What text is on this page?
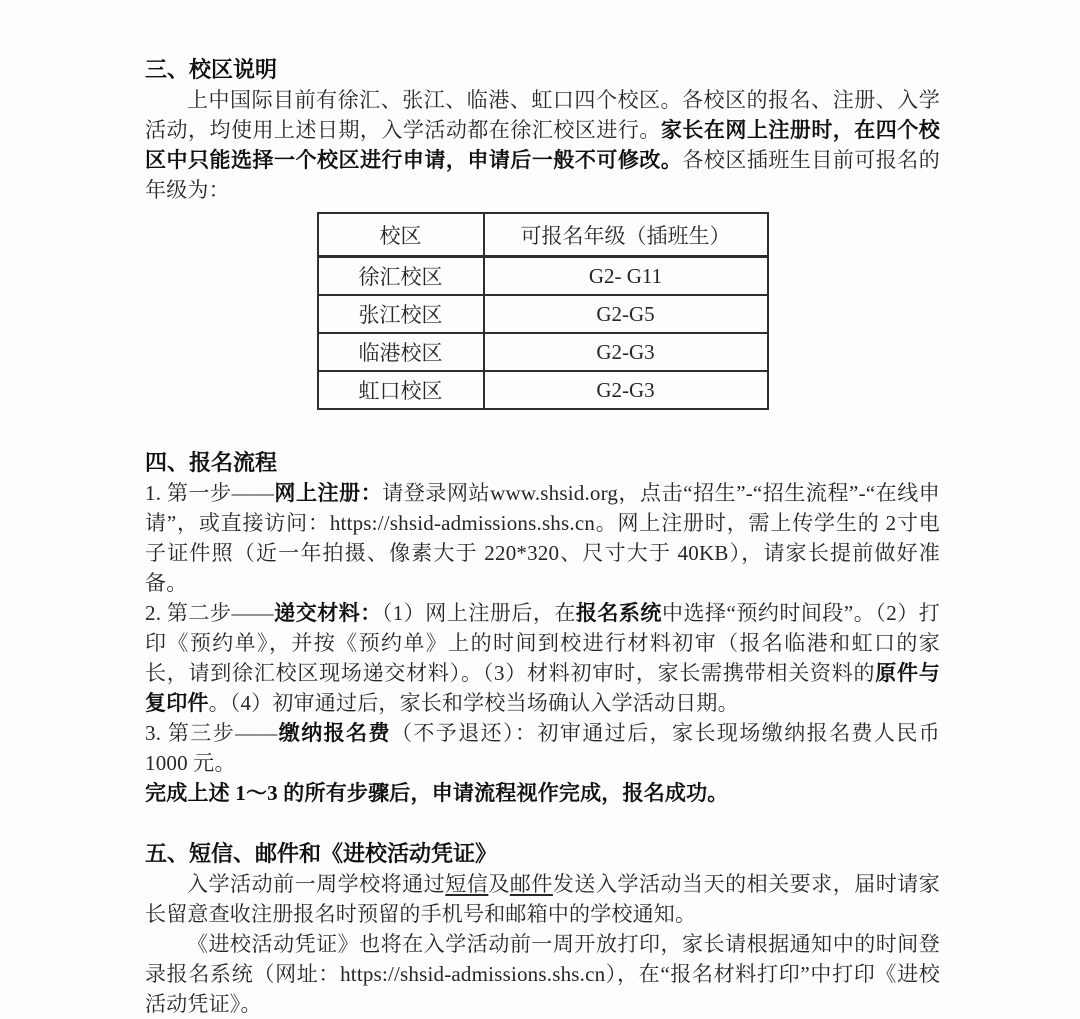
三、校区说明

上中国际目前有徐汇、张江、临港、虹口四个校区。各校区的报名、注册、入学活动，均使用上述日期，入学活动都在徐汇校区进行。家长在网上注册时，在四个校区中只能选择一个校区进行申请，申请后一般不可修改。各校区插班生目前可报名的年级为：

校区	可报名年级（插班生）
徐汇校区	G2- G11
张江校区	G2-G5
临港校区	G2-G3
虹口校区	G2-G3
四、报名流程

1. 第一步——网上注册：请登录网站www.shsid.org，点击“招生”-“招生流程”-“在线申请”，或直接访问：https://shsid-admissions.shs.cn。网上注册时，需上传学生的 2寸电子证件照（近一年拍摄、像素大于 220*320、尺寸大于 40KB），请家长提前做好准备。

2. 第二步——递交材料：（1）网上注册后，在报名系统中选择“预约时间段”。（2）打印《预约单》，并按《预约单》上的时间到校进行材料初审（报名临港和虹口的家长，请到徐汇校区现场递交材料）。（3）材料初审时，家长需携带相关资料的原件与复印件。（4）初审通过后，家长和学校当场确认入学活动日期。

3. 第三步——缴纳报名费（不予退还）：初审通过后，家长现场缴纳报名费人民币1000 元。

完成上述 1～3 的所有步骤后，申请流程视作完成，报名成功。

五、短信、邮件和《进校活动凭证》

入学活动前一周学校将通过短信及邮件发送入学活动当天的相关要求，届时请家长留意查收注册报名时预留的手机号和邮箱中的学校通知。

《进校活动凭证》也将在入学活动前一周开放打印，家长请根据通知中的时间登录报名系统（网址：https://shsid-admissions.shs.cn），在“报名材料打印”中打印《进校活动凭证》。
